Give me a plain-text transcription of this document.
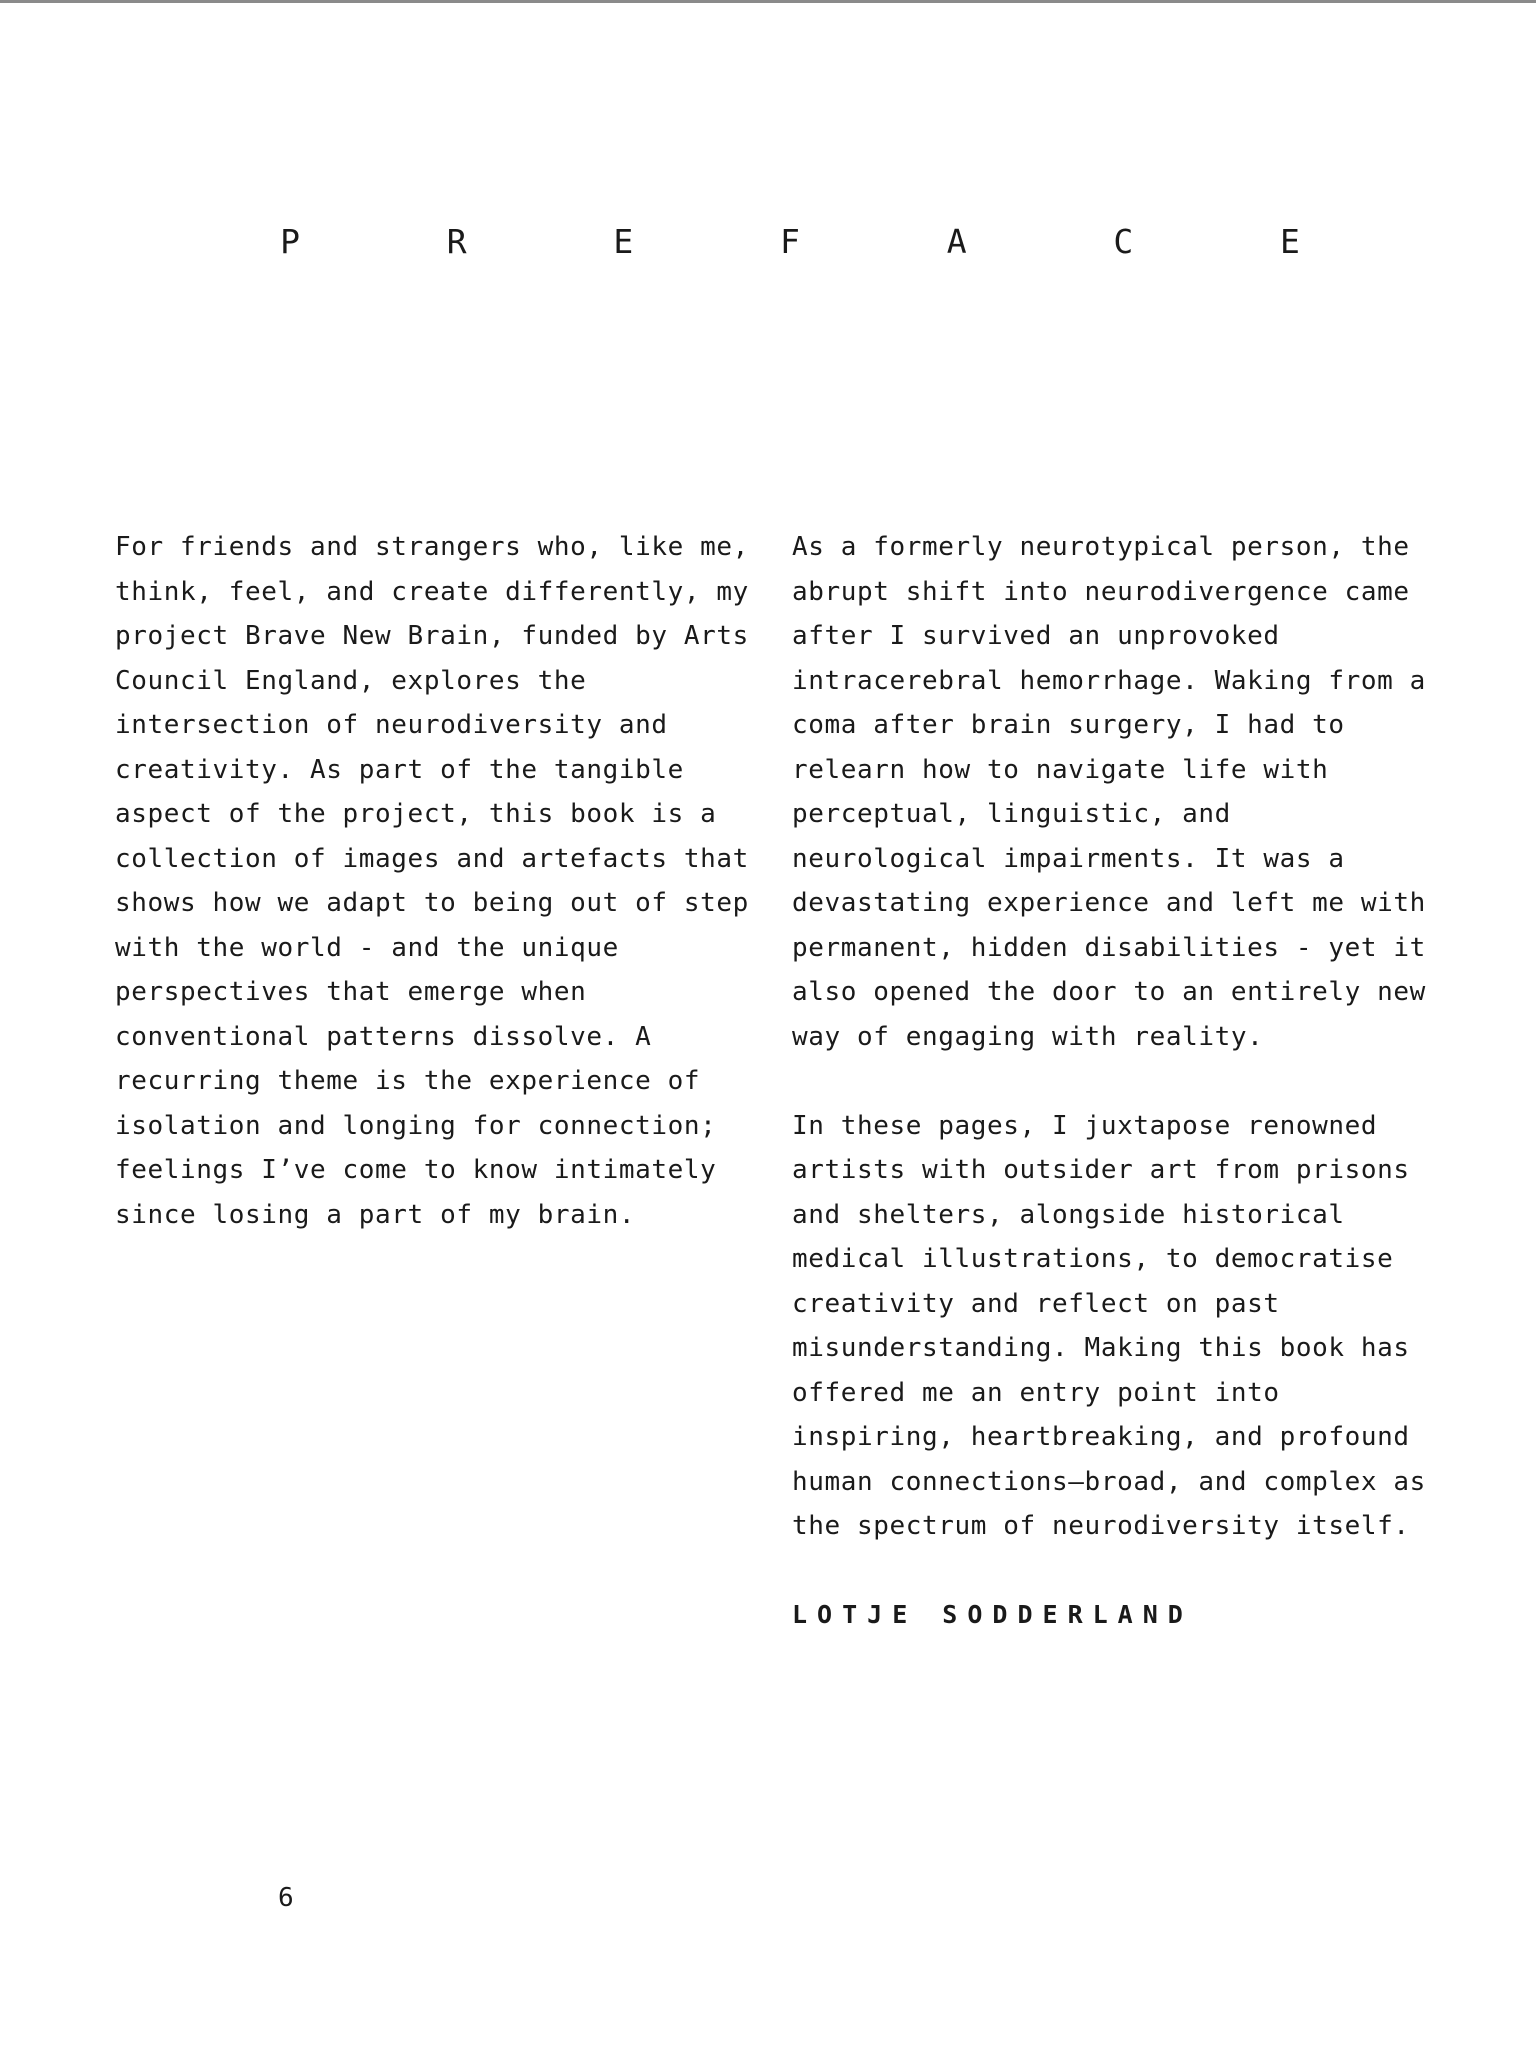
P	R	E	F	A	C	E

For friends and strangers who, like me, think, feel, and create differently, my project Brave New Brain, funded by Arts Council England, explores the intersection of neurodiversity and creativity. As part of the tangible aspect of the project, this book is a collection of images and artefacts that shows how we adapt to being out of step with the world - and the unique perspectives that emerge when conventional patterns dissolve. A recurring theme is the experience of isolation and longing for connection; feelings I’ve come to know intimately since losing a part of my brain.

As a formerly neurotypical person, the abrupt shift into neurodivergence came after I survived an unprovoked intracerebral hemorrhage. Waking from a coma after brain surgery, I had to relearn how to navigate life with perceptual, linguistic, and neurological impairments. It was a devastating experience and left me with permanent, hidden disabilities - yet it also opened the door to an entirely new way of engaging with reality.

In these pages, I juxtapose renowned artists with outsider art from prisons and shelters, alongside historical medical illustrations, to democratise creativity and reflect on past misunderstanding. Making this book has offered me an entry point into inspiring, heartbreaking, and profound human connections—broad, and complex as the spectrum of neurodiversity itself.

LOTJE SODDERLAND
6
